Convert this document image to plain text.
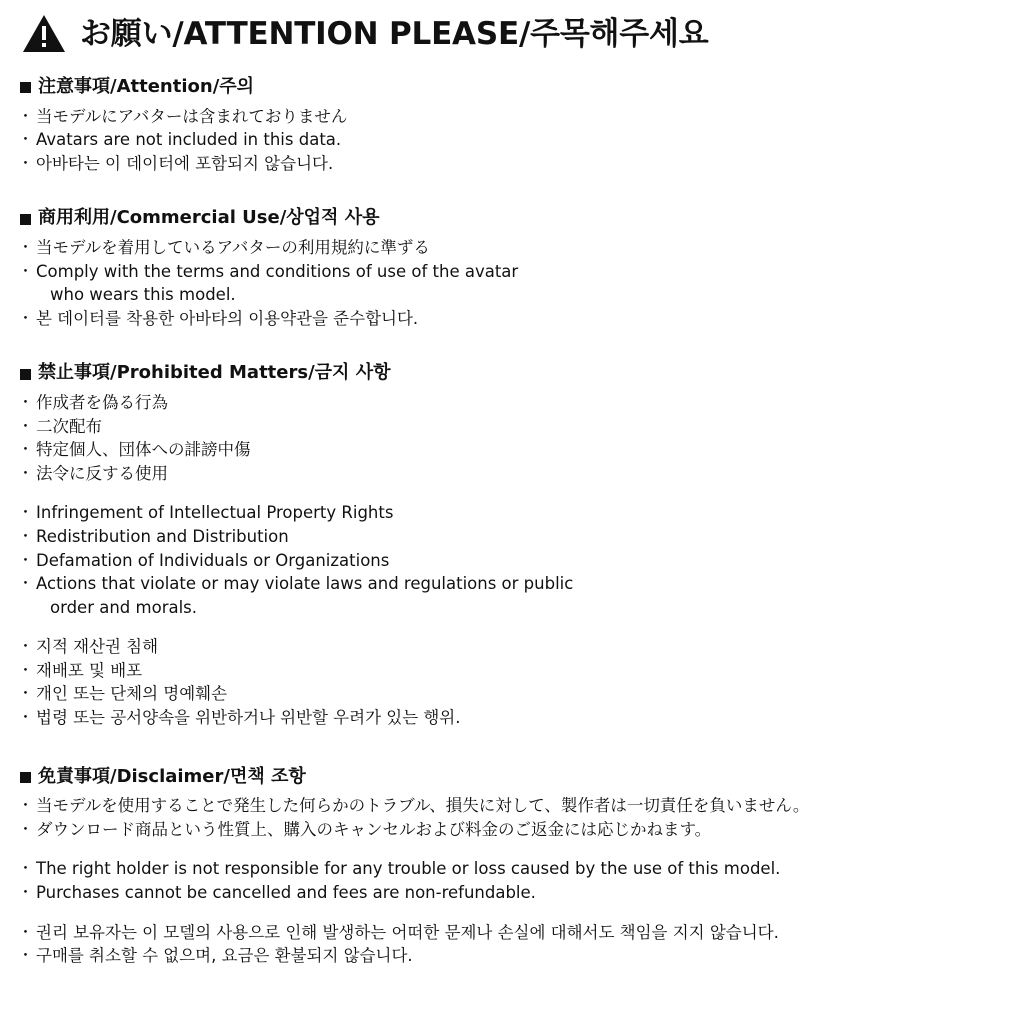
お願い/ATTENTION PLEASE/주목해주세요
注意事項/Attention/주의
・ 当モデルにアバターは含まれておりません
・ Avatars are not included in this data.
・ 아바타는 이 데이터에 포함되지 않습니다.
商用利用/Commercial Use/상업적 사용
・ 当モデルを着用しているアバターの利用規約に準ずる
・ Comply with the terms and conditions of use of the avatar
who wears this model.
・ 본 데이터를 착용한 아바타의 이용약관을 준수합니다.
禁止事項/Prohibited Matters/금지 사항
・ 作成者を偽る行為
・ 二次配布
・ 特定個人、団体への誹謗中傷
・ 法令に反する使用
・ Infringement of Intellectual Property Rights
・ Redistribution and Distribution
・ Defamation of Individuals or Organizations
・ Actions that violate or may violate laws and regulations or public
order and morals.
・ 지적 재산권 침해
・ 재배포 및 배포
・ 개인 또는 단체의 명예훼손
・ 법령 또는 공서양속을 위반하거나 위반할 우려가 있는 행위.
免責事項/Disclaimer/면책 조항
・ 当モデルを使用することで発生した何らかのトラブル、損失に対して、製作者は一切責任を負いません。
・ ダウンロード商品という性質上、購入のキャンセルおよび料金のご返金には応じかねます。
・ The right holder is not responsible for any trouble or loss caused by the use of this model.
・ Purchases cannot be cancelled and fees are non-refundable.
・ 권리 보유자는 이 모델의 사용으로 인해 발생하는 어떠한 문제나 손실에 대해서도 책임을 지지 않습니다.
・ 구매를 취소할 수 없으며, 요금은 환불되지 않습니다.
